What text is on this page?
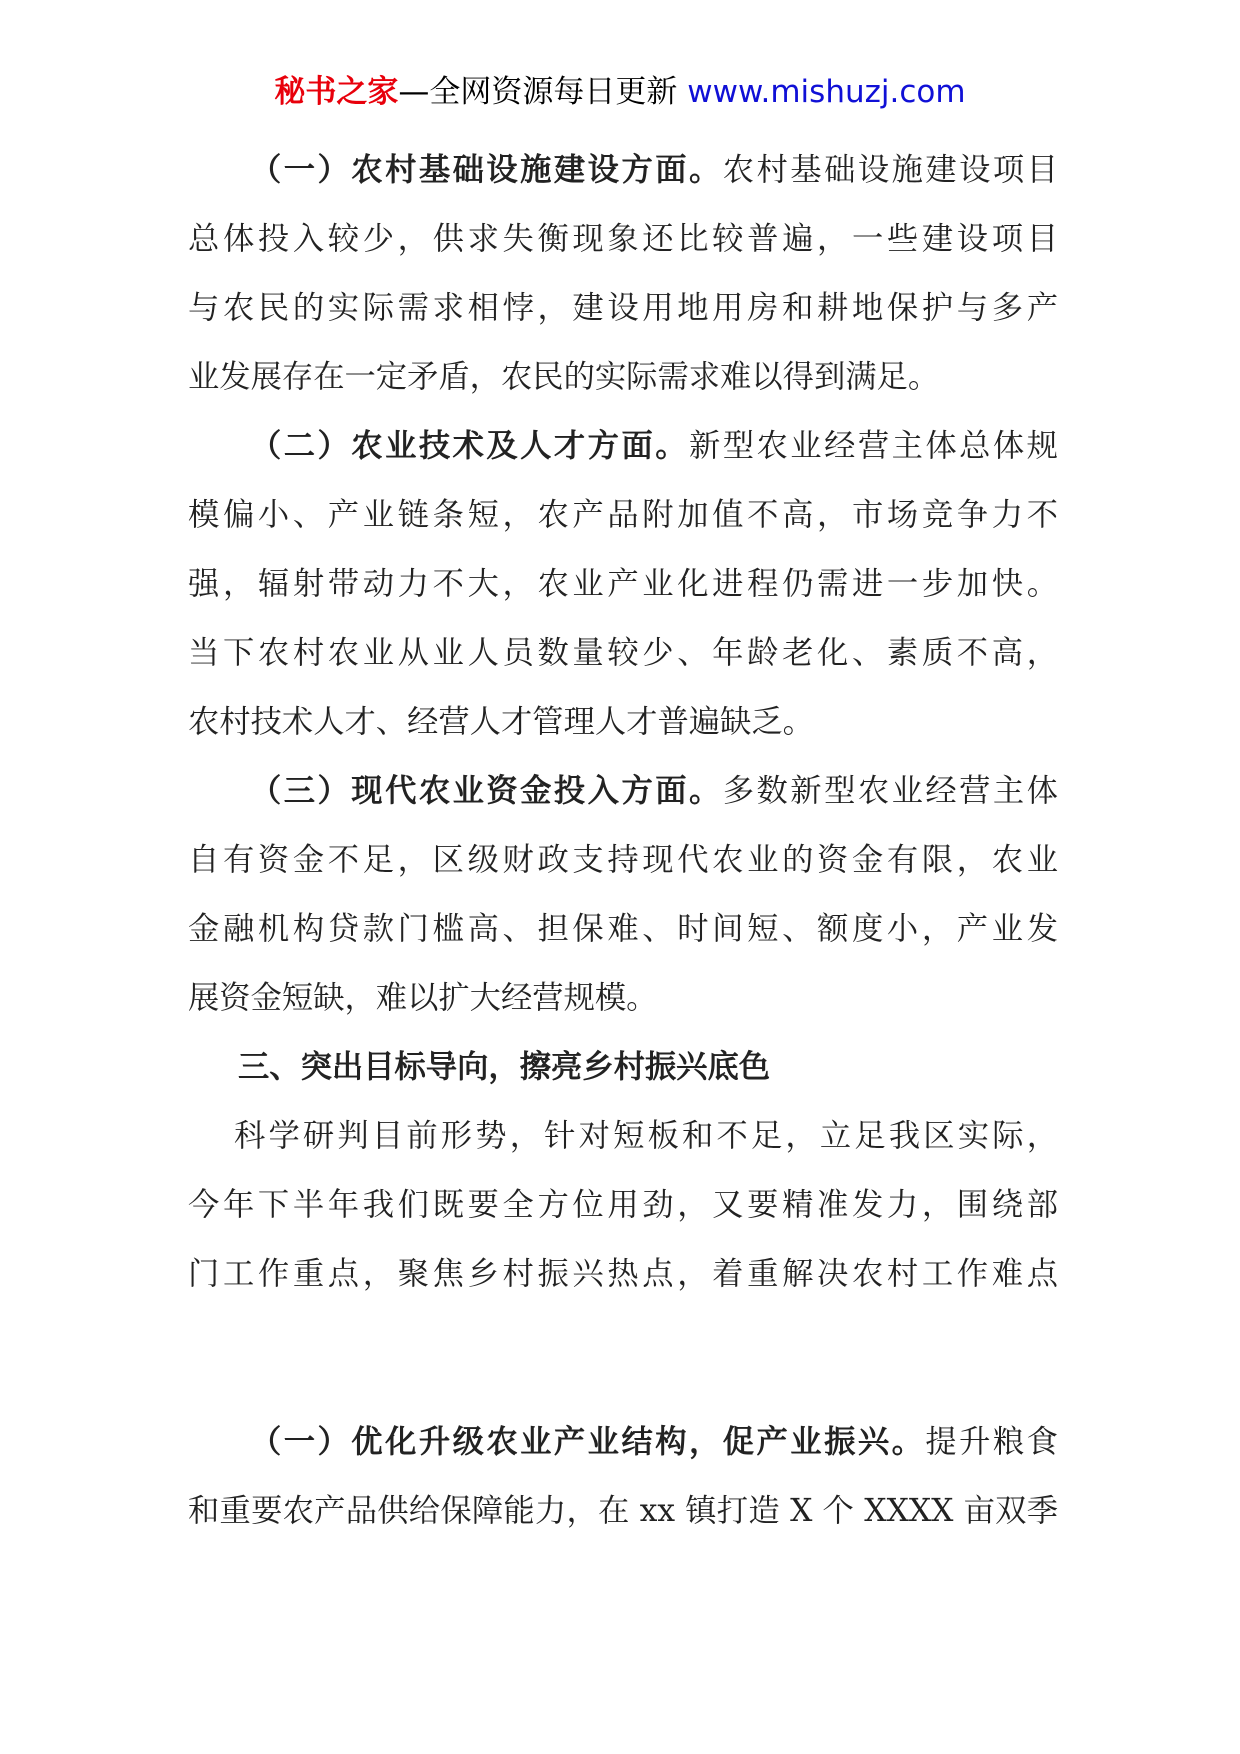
秘书之家—全网资源每日更新 www.mishuzj.com
（一）农村基础设施建设方面。农村基础设施建设项目
总体投入较少，供求失衡现象还比较普遍，一些建设项目
与农民的实际需求相悖，建设用地用房和耕地保护与多产
业发展存在一定矛盾，农民的实际需求难以得到满足。
（二）农业技术及人才方面。新型农业经营主体总体规
模偏小、产业链条短，农产品附加值不高，市场竞争力不
强，辐射带动力不大，农业产业化进程仍需进一步加快。
当下农村农业从业人员数量较少、年龄老化、素质不高，
农村技术人才、经营人才管理人才普遍缺乏。
（三）现代农业资金投入方面。多数新型农业经营主体
自有资金不足，区级财政支持现代农业的资金有限，农业
金融机构贷款门槛高、担保难、时间短、额度小，产业发
展资金短缺，难以扩大经营规模。
三、突出目标导向，擦亮乡村振兴底色
科学研判目前形势，针对短板和不足，立足我区实际，
今年下半年我们既要全方位用劲，又要精准发力，围绕部
门工作重点，聚焦乡村振兴热点，着重解决农村工作难点
（一）优化升级农业产业结构，促产业振兴。提升粮食
和重要农产品供给保障能力，在 xx 镇打造 X 个 XXXX 亩双季
